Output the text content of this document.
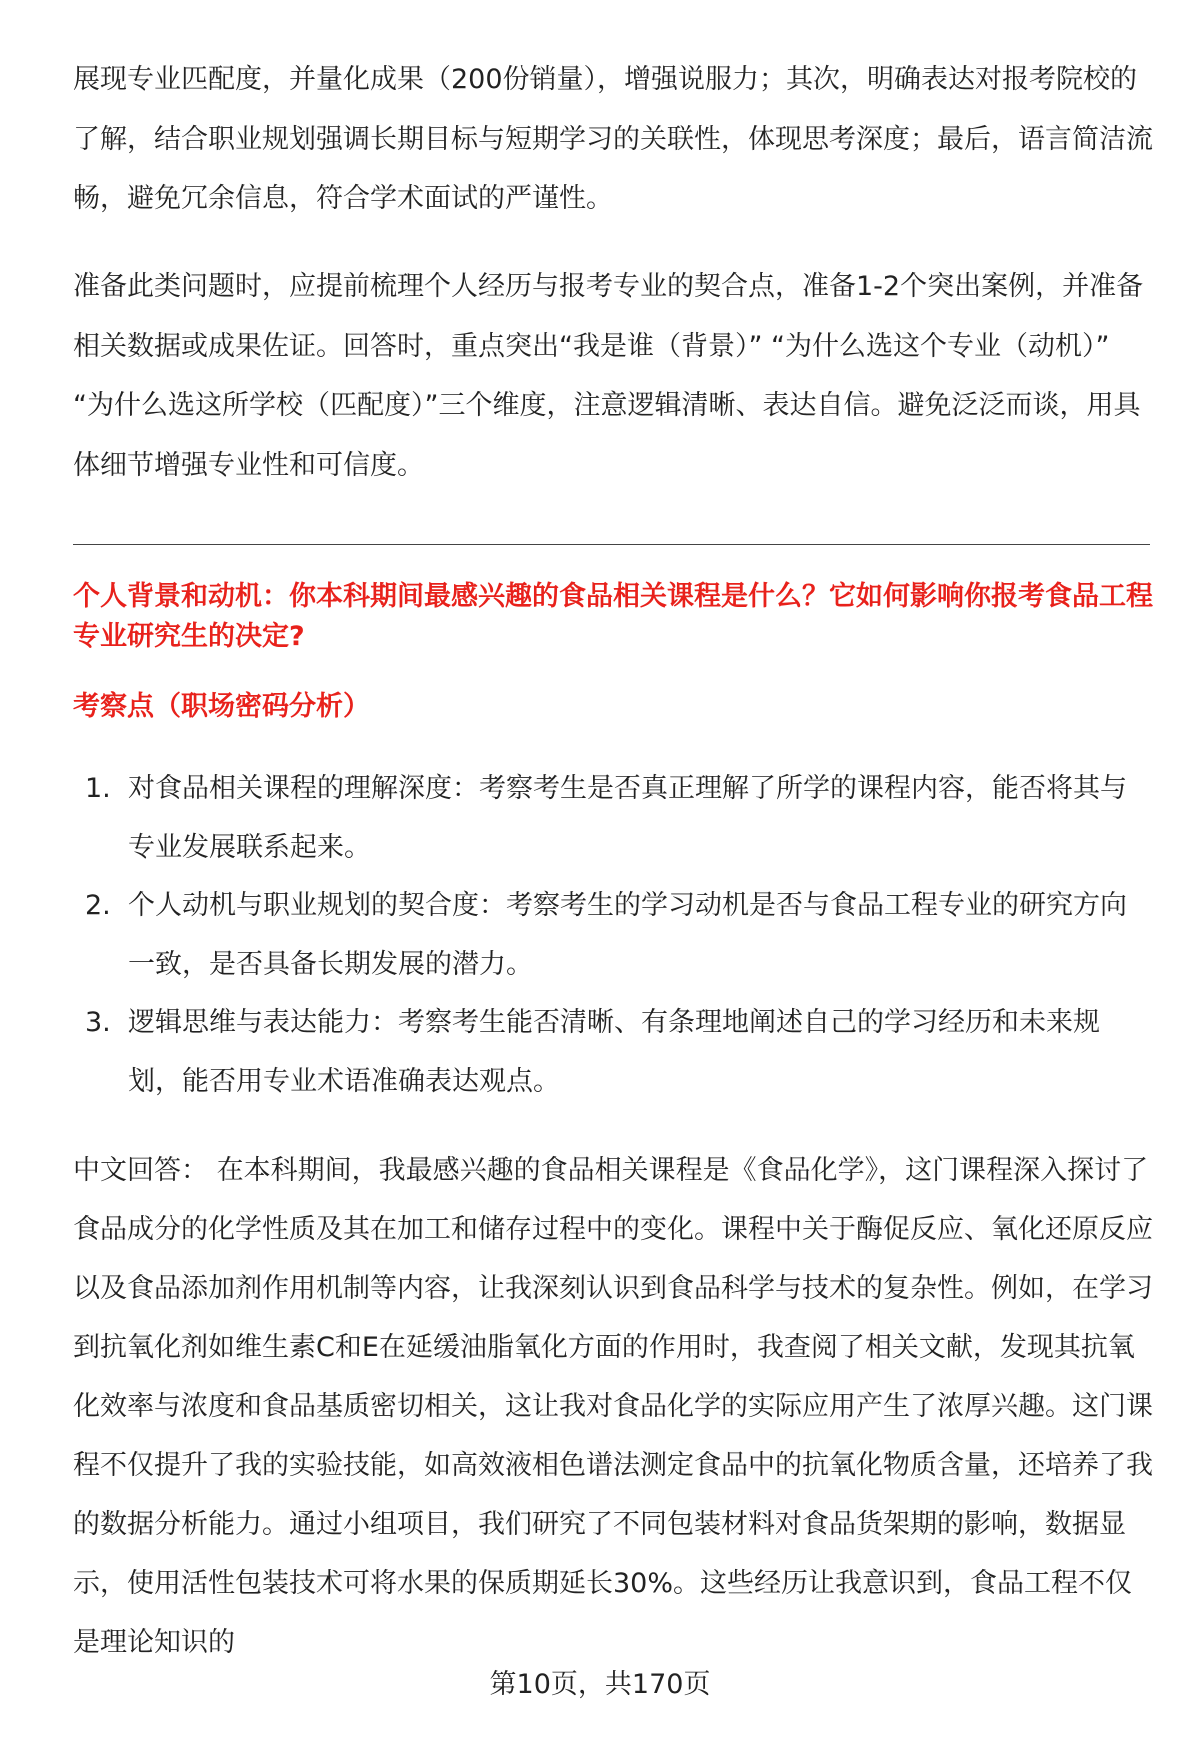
展现专业匹配度，并量化成果（200份销量），增强说服力；其次，明确表达对报考院校的了解，结合职业规划强调长期目标与短期学习的关联性，体现思考深度；最后，语言简洁流畅，避免冗余信息，符合学术面试的严谨性。

准备此类问题时，应提前梳理个人经历与报考专业的契合点，准备1-2个突出案例，并准备相关数据或成果佐证。回答时，重点突出“我是谁（背景）” “为什么选这个专业（动机）” “为什么选这所学校（匹配度）”三个维度，注意逻辑清晰、表达自信。避免泛泛而谈，用具体细节增强专业性和可信度。

个人背景和动机：你本科期间最感兴趣的食品相关课程是什么？它如何影响你报考食品工程专业研究生的决定?

考察点（职场密码分析）

1. 对食品相关课程的理解深度：考察考生是否真正理解了所学的课程内容，能否将其与专业发展联系起来。
2. 个人动机与职业规划的契合度：考察考生的学习动机是否与食品工程专业的研究方向一致，是否具备长期发展的潜力。
3. 逻辑思维与表达能力：考察考生能否清晰、有条理地阐述自己的学习经历和未来规划，能否用专业术语准确表达观点。

中文回答： 在本科期间，我最感兴趣的食品相关课程是《食品化学》，这门课程深入探讨了食品成分的化学性质及其在加工和储存过程中的变化。课程中关于酶促反应、氧化还原反应以及食品添加剂作用机制等内容，让我深刻认识到食品科学与技术的复杂性。例如，在学习到抗氧化剂如维生素C和E在延缓油脂氧化方面的作用时，我查阅了相关文献，发现其抗氧化效率与浓度和食品基质密切相关，这让我对食品化学的实际应用产生了浓厚兴趣。这门课程不仅提升了我的实验技能，如高效液相色谱法测定食品中的抗氧化物质含量，还培养了我的数据分析能力。通过小组项目，我们研究了不同包装材料对食品货架期的影响，数据显示，使用活性包装技术可将水果的保质期延长30%。这些经历让我意识到，食品工程不仅是理论知识的

第10页，共170页
